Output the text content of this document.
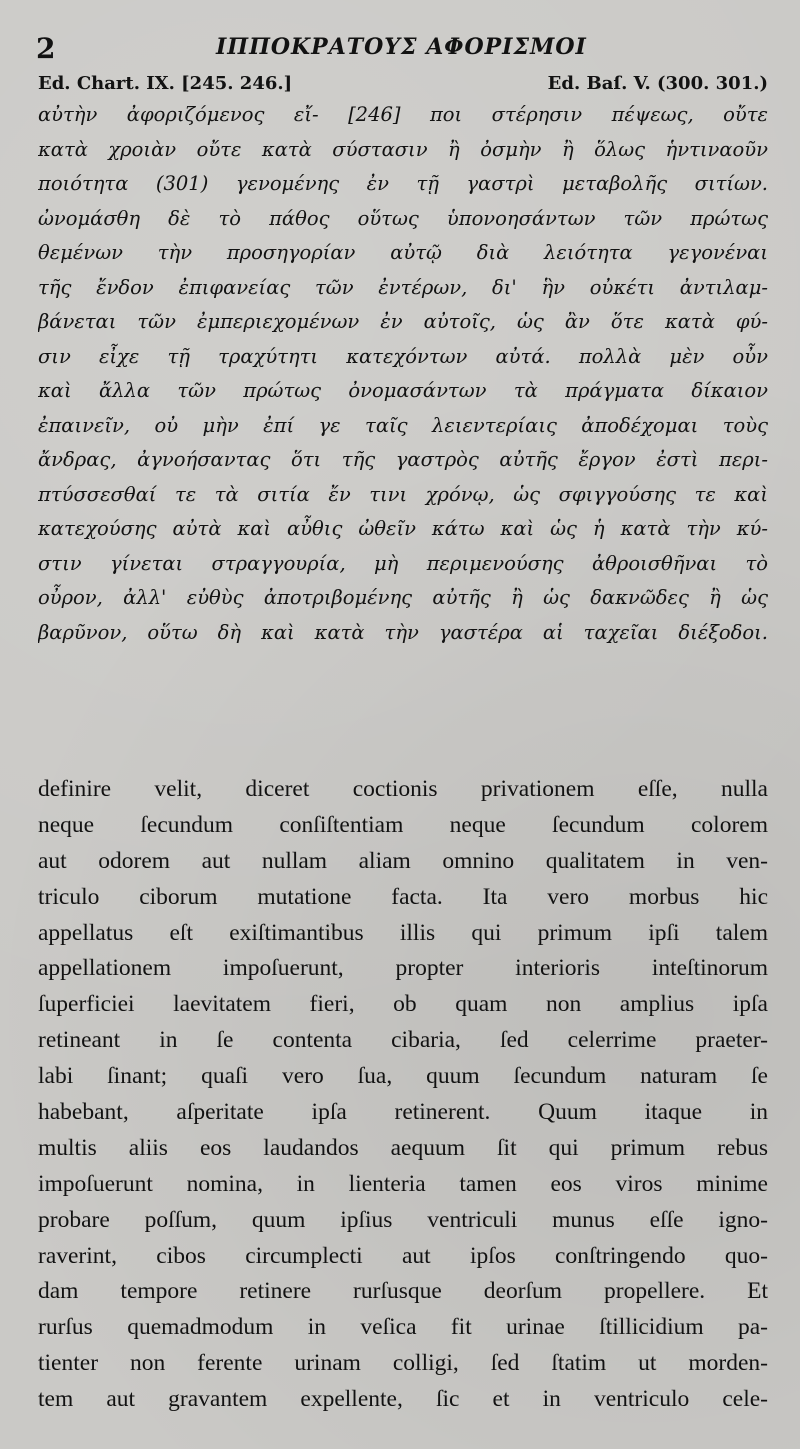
2	ΙΠΠΟΚΡΑΤΟΥΣ ΑΦΟΡΙΣΜΟΙ
Ed. Chart. IX. [245. 246.]	Ed. Baſ. V. (300. 301.)
αὐτὴν ἀφοριζόμενος εἴ- [246] ποι στέρησιν πέψεως, οὔτε
κατὰ χροιὰν οὔτε κατὰ σύστασιν ἢ ὀσμὴν ἢ ὅλως ἡντιναοῦν
ποιότητα (301) γενομένης ἐν τῇ γαστρὶ μεταβολῆς σιτίων.
ὠνομάσθη δὲ τὸ πάθος οὕτως ὑπονοησάντων τῶν πρώτως
θεμένων τὴν προσηγορίαν αὐτῷ διὰ λειότητα γεγονέναι
τῆς ἔνδον ἐπιφανείας τῶν ἐντέρων, δι' ἣν οὐκέτι ἀντιλαμ-
βάνεται τῶν ἐμπεριεχομένων ἐν αὐτοῖς, ὡς ἂν ὅτε κατὰ φύ-
σιν εἶχε τῇ τραχύτητι κατεχόντων αὐτά. πολλὰ μὲν οὖν
καὶ ἄλλα τῶν πρώτως ὀνομασάντων τὰ πράγματα δίκαιον
ἐπαινεῖν, οὐ μὴν ἐπί γε ταῖς λειεντερίαις ἀποδέχομαι τοὺς
ἄνδρας, ἀγνοήσαντας ὅτι τῆς γαστρὸς αὐτῆς ἔργον ἐστὶ περι-
πτύσσεσθαί τε τὰ σιτία ἔν τινι χρόνῳ, ὡς σφιγγούσης τε καὶ
κατεχούσης αὐτὰ καὶ αὖθις ὠθεῖν κάτω καὶ ὡς ἡ κατὰ τὴν κύ-
στιν γίνεται στραγγουρία, μὴ περιμενούσης ἀθροισθῆναι τὸ
οὖρον, ἀλλ' εὐθὺς ἀποτριβομένης αὐτῆς ἢ ὡς δακνῶδες ἢ ὡς
βαρῦνον, οὕτω δὴ καὶ κατὰ τὴν γαστέρα αἱ ταχεῖαι διέξοδοι.
definire velit, diceret coctionis privationem eſſe, nulla
neque ſecundum conſiſtentiam neque ſecundum colorem
aut odorem aut nullam aliam omnino qualitatem in ven-
triculo ciborum mutatione facta. Ita vero morbus hic
appellatus eſt exiſtimantibus illis qui primum ipſi talem
appellationem impoſuerunt, propter interioris inteſtinorum
ſuperficiei laevitatem fieri, ob quam non amplius ipſa
retineant in ſe contenta cibaria, ſed celerrime praeter-
labi ſinant; quaſi vero ſua, quum ſecundum naturam ſe
habebant, aſperitate ipſa retinerent. Quum itaque in
multis aliis eos laudandos aequum ſit qui primum rebus
impoſuerunt nomina, in lienteria tamen eos viros minime
probare poſſum, quum ipſius ventriculi munus eſſe igno-
raverint, cibos circumplecti aut ipſos conſtringendo quo-
dam tempore retinere rurſusque deorſum propellere. Et
rurſus quemadmodum in veſica fit urinae ſtillicidium pa-
tienter non ferente urinam colligi, ſed ſtatim ut morden-
tem aut gravantem expellente, ſic et in ventriculo cele-
